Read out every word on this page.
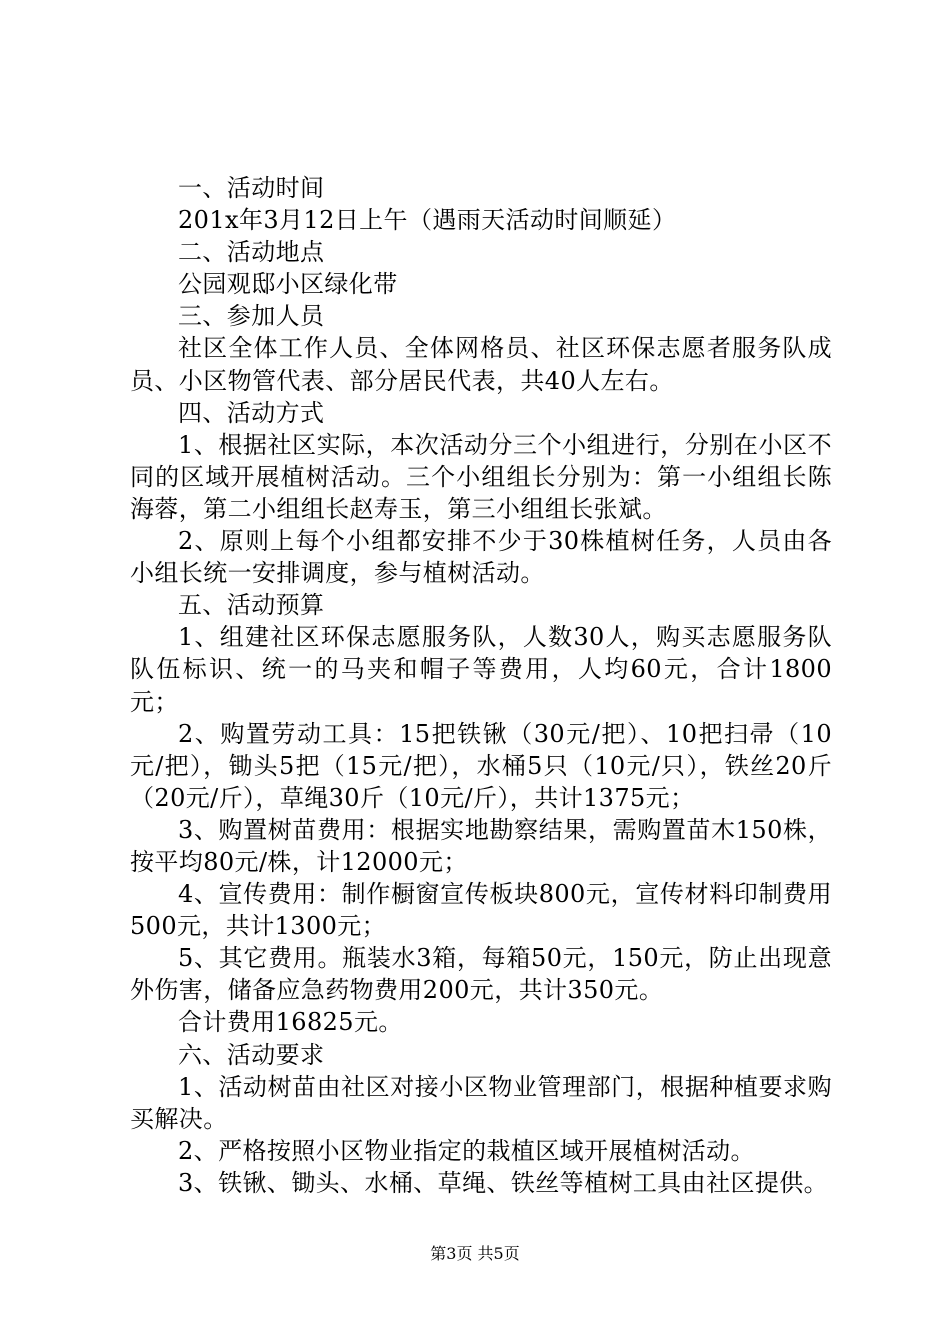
一、活动时间

201x年3月12日上午（遇雨天活动时间顺延）

二、活动地点

公园观邸小区绿化带

三、参加人员

社区全体工作人员、全体网格员、社区环保志愿者服务队成员、小区物管代表、部分居民代表，共40人左右。

四、活动方式

1、根据社区实际，本次活动分三个小组进行，分别在小区不同的区域开展植树活动。三个小组组长分别为：第一小组组长陈海蓉，第二小组组长赵寿玉，第三小组组长张斌。

2、原则上每个小组都安排不少于30株植树任务，人员由各小组长统一安排调度，参与植树活动。

五、活动预算

1、组建社区环保志愿服务队，人数30人，购买志愿服务队队伍标识、统一的马夹和帽子等费用，人均60元，合计1800元；

2、购置劳动工具：15把铁锹（30元/把）、10把扫帚（10元/把），锄头5把（15元/把），水桶5只（10元/只），铁丝20斤（20元/斤），草绳30斤（10元/斤），共计1375元；

3、购置树苗费用：根据实地勘察结果，需购置苗木150株，按平均80元/株，计12000元；

4、宣传费用：制作橱窗宣传板块800元，宣传材料印制费用500元，共计1300元；

5、其它费用。瓶装水3箱，每箱50元，150元，防止出现意外伤害，储备应急药物费用200元，共计350元。

合计费用16825元。

六、活动要求

1、活动树苗由社区对接小区物业管理部门，根据种植要求购买解决。

2、严格按照小区物业指定的栽植区域开展植树活动。

3、铁锹、锄头、水桶、草绳、铁丝等植树工具由社区提供。

第3页 共5页
